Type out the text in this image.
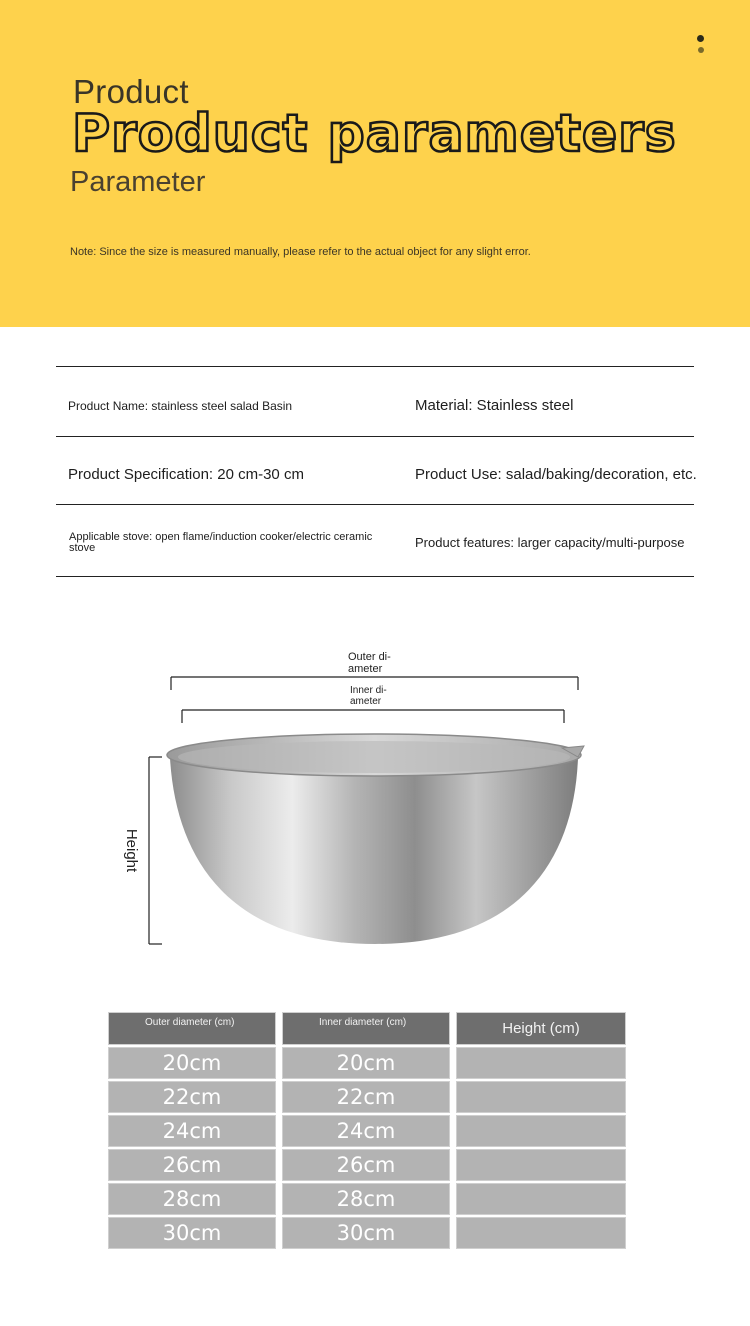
Product
Product parameters
Parameter
Note: Since the size is measured manually, please refer to the actual object for any slight error.
Product Name: stainless steel salad Basin	Material: Stainless steel
Product Specification: 20 cm-30 cm	Product Use: salad/baking/decoration, etc.
Applicable stove: open flame/induction cooker/electric ceramic stove	Product features: larger capacity/multi-purpose
Outer di-
ameter
Inner di-
ameter
Height
Outer diameter (cm)	Inner diameter (cm)	Height (cm)
20cm	20cm
22cm	22cm
24cm	24cm
26cm	26cm
28cm	28cm
30cm	30cm
